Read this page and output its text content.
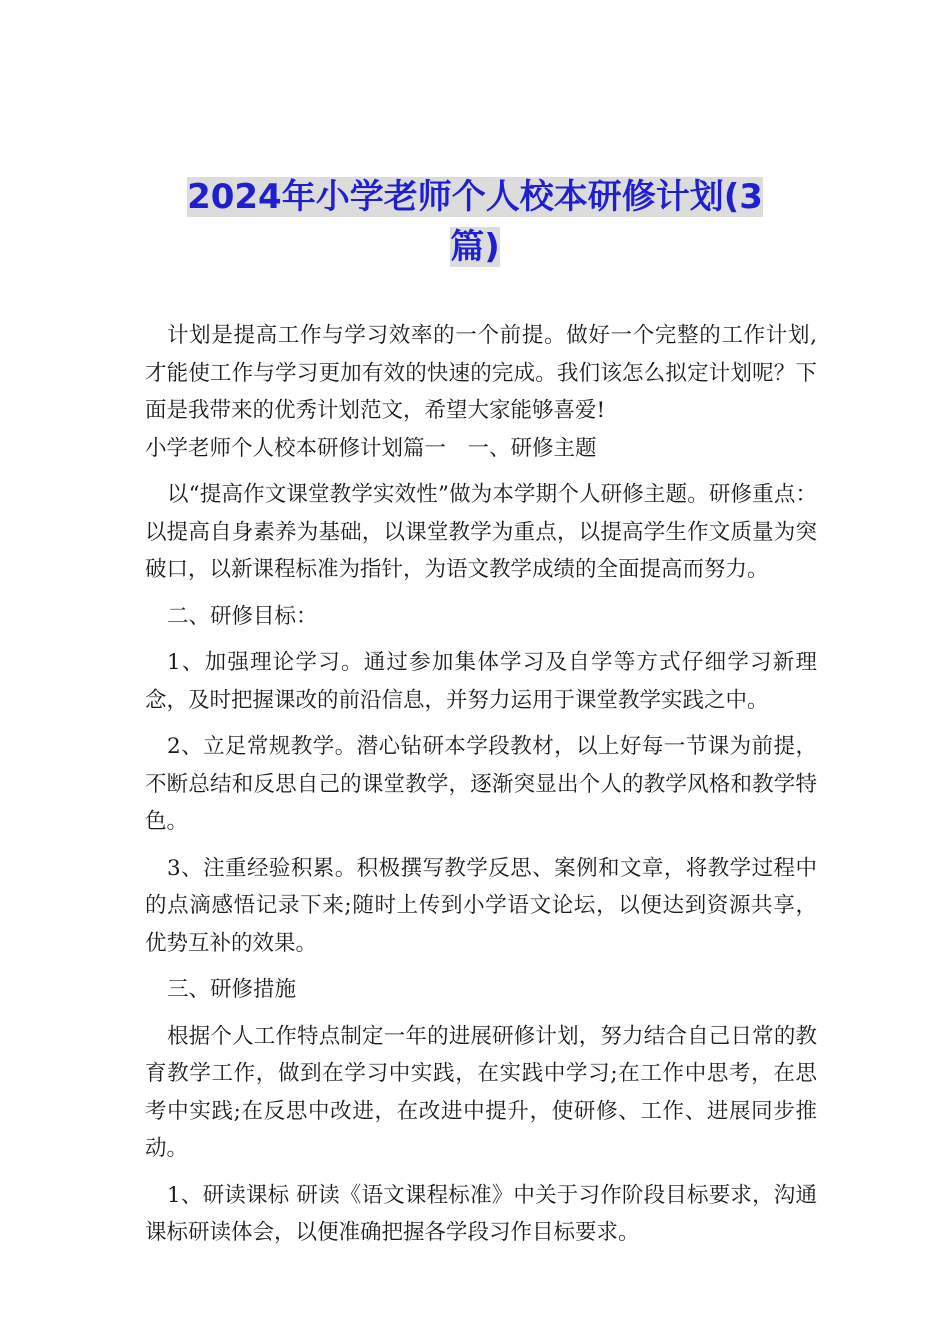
2024年小学老师个人校本研修计划(3
篇)

计划是提高工作与学习效率的一个前提。做好一个完整的工作计划,才能使工作与学习更加有效的快速的完成。我们该怎么拟定计划呢？下面是我带来的优秀计划范文，希望大家能够喜爱!

小学老师个人校本研修计划篇一　一、研修主题

以“提高作文课堂教学实效性”做为本学期个人研修主题。研修重点：以提高自身素养为基础，以课堂教学为重点，以提高学生作文质量为突破口，以新课程标准为指针，为语文教学成绩的全面提高而努力。

二、研修目标：

1、加强理论学习。通过参加集体学习及自学等方式仔细学习新理念，及时把握课改的前沿信息，并努力运用于课堂教学实践之中。

2、立足常规教学。潜心钻研本学段教材，以上好每一节课为前提，不断总结和反思自己的课堂教学，逐渐突显出个人的教学风格和教学特色。

3、注重经验积累。积极撰写教学反思、案例和文章，将教学过程中的点滴感悟记录下来;随时上传到小学语文论坛，以便达到资源共享，优势互补的效果。

三、研修措施

根据个人工作特点制定一年的进展研修计划，努力结合自己日常的教育教学工作，做到在学习中实践，在实践中学习;在工作中思考，在思考中实践;在反思中改进，在改进中提升，使研修、工作、进展同步推动。

1、研读课标 研读《语文课程标准》中关于习作阶段目标要求，沟通课标研读体会，以便准确把握各学段习作目标要求。
